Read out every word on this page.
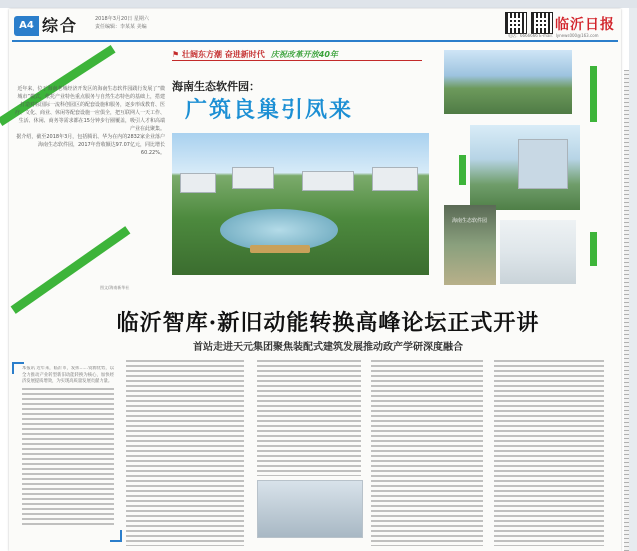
A4 综合	2018年3月20日 星期六
责任编辑：李某某 美编	临沂日报
电话：6666666 E-mail：lynews000@163.com
⚑ 壮阔东方潮 奋进新时代 庆祝改革开放40年

近年来，位于海南老城经济开发区的海南生态软件园践行发展了“微城市”模式，依托产业特色重点服务与自然生态特色的基础上，搭建打造对标国际一流科创园区的配套设施和服务，逐步形成教育、医疗、文化、商业、休闲等配套设施一应俱全，把互联网人一天工作、生活、休闲、商务等需求都在15分钟步行圈覆盖，吸引人才和高端产业在此聚集。

据介绍，截至2018年3月，包括腾讯、华为在内的2832家企业落户海南生态软件园，2017年营收额达97.07亿元，同比增长60.22%。

海南生态软件园：
广筑良巢引凤来
图文/海南新华社
海南生态软件园
临沂智库·新旧动能转换高峰论坛正式开讲
首站走进天元集团聚焦装配式建筑发展推动政产学研深度融合
本报讯 近年来，临沂市，发挥……资源优势，以全力推动产业转型新旧动能转换为核心，加快经济发展提质增效，为实现高质量发展贡献力量。
